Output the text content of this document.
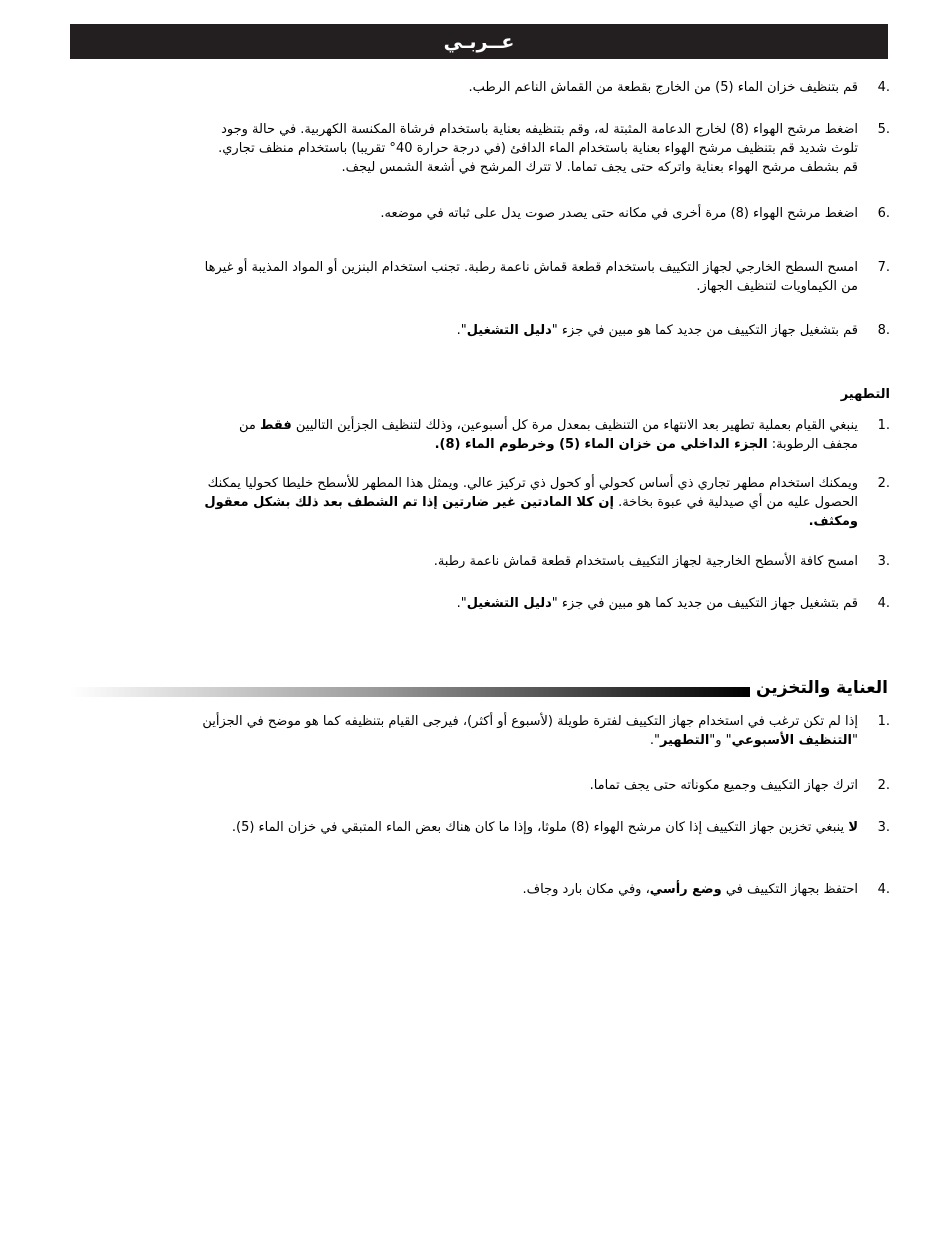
عــربـي
4.
قم بتنظيف خزان الماء (5) من الخارج بقطعة من القماش الناعم الرطب.
5.
اضغط مرشح الهواء (8) لخارج الدعامة المثبتة له، وقم بتنظيفه بعناية باستخدام فرشاة المكنسة الكهربية. في حالة وجود تلوث شديد قم بتنظيف مرشح الهواء بعناية باستخدام الماء الدافئ (في درجة حرارة 40° تقريبا) باستخدام منظف تجاري. قم بشطف مرشح الهواء بعناية واتركه حتى يجف تماما. لا تترك المرشح في أشعة الشمس ليجف.
6.
اضغط مرشح الهواء (8) مرة أخرى في مكانه حتى يصدر صوت يدل على ثباته في موضعه.
7.
امسح السطح الخارجي لجهاز التكييف باستخدام قطعة قماش ناعمة رطبة. تجنب استخدام البنزين أو المواد المذيبة أو غيرها من الكيماويات لتنظيف الجهاز.
8.
قم بتشغيل جهاز التكييف من جديد كما هو مبين في جزء "دليل التشغيل".
التطهير
1.
ينبغي القيام بعملية تطهير بعد الانتهاء من التنظيف بمعدل مرة كل أسبوعين، وذلك لتنظيف الجزأين التاليين فقط من مجفف الرطوبة: الجزء الداخلي من خزان الماء (5) وخرطوم الماء (8).
2.
ويمكنك استخدام مطهر تجاري ذي أساس كحولي أو كحول ذي تركيز عالي. ويمثل هذا المطهر للأسطح خليطا كحوليا يمكنك الحصول عليه من أي صيدلية في عبوة بخاخة. إن كلا المادتين غير ضارتين إذا تم الشطف بعد ذلك بشكل معقول ومكثف.
3.
امسح كافة الأسطح الخارجية لجهاز التكييف باستخدام قطعة قماش ناعمة رطبة.
4.
قم بتشغيل جهاز التكييف من جديد كما هو مبين في جزء "دليل التشغيل".
العناية والتخزين
1.
إذا لم تكن ترغب في استخدام جهاز التكييف لفترة طويلة (لأسبوع أو أكثر)، فيرجى القيام بتنظيفه كما هو موضح في الجزأين "التنظيف الأسبوعي" و"التطهير".
2.
اترك جهاز التكييف وجميع مكوناته حتى يجف تماما.
3.
لا ينبغي تخزين جهاز التكييف إذا كان مرشح الهواء (8) ملوثا، وإذا ما كان هناك بعض الماء المتبقي في خزان الماء (5).
4.
احتفظ بجهاز التكييف في وضع رأسي، وفي مكان بارد وجاف.
